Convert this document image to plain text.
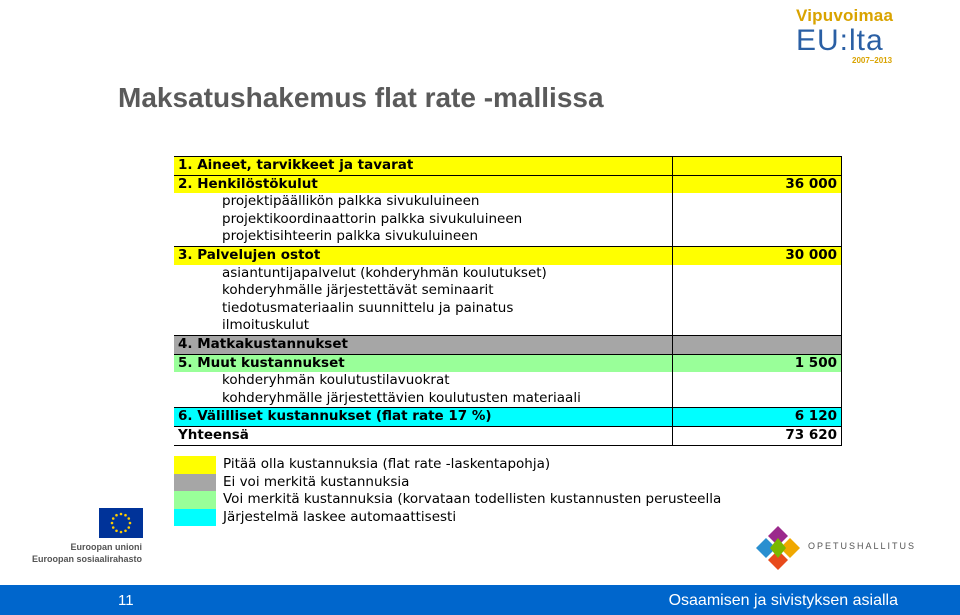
Vipuvoimaa
EU:lta
2007–2013
Maksatushakemus flat rate -mallissa
1. Aineet, tarvikkeet ja tavarat	
2. Henkilöstökulut	36 000
projektipäällikön palkka sivukuluineen	
projektikoordinaattorin palkka sivukuluineen	
projektisihteerin palkka sivukuluineen	
3. Palvelujen ostot	30 000
asiantuntijapalvelut (kohderyhmän koulutukset)	
kohderyhmälle järjestettävät seminaarit	
tiedotusmateriaalin suunnittelu ja painatus	
ilmoituskulut	
4. Matkakustannukset	
5. Muut kustannukset	1 500
kohderyhmän koulutustilavuokrat	
kohderyhmälle järjestettävien koulutusten materiaali	
6. Välilliset kustannukset (flat rate 17 %)	6 120
Yhteensä	73 620
Pitää olla kustannuksia (flat rate -laskentapohja)
Ei voi merkitä kustannuksia
Voi merkitä kustannuksia (korvataan todellisten kustannusten perusteella
Järjestelmä laskee automaattisesti
Euroopan unioni
Euroopan sosiaalirahasto
OPETUSHALLITUS
11	Osaamisen ja sivistyksen asialla
